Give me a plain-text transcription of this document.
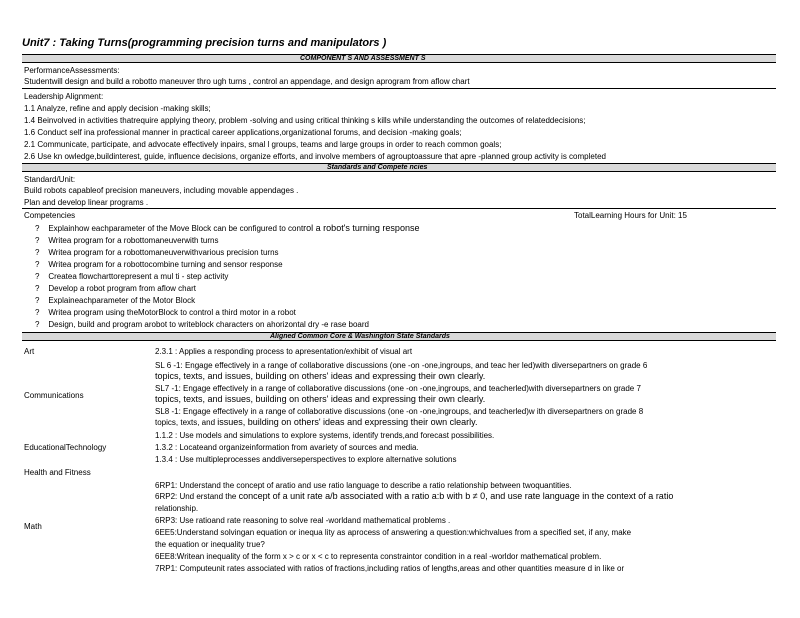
Unit7 : Taking Turns(programming precision turns and manipulators )
COMPONENT S AND ASSESSMENT S
PerformanceAssessments:
Studentwill design and build a robotto maneuver thro ugh turns , control an appendage, and design aprogram from aflow chart
Leadership Alignment:
1.1 Analyze, refine and apply decision -making skills;
1.4 Beinvolved in activities thatrequire applying theory, problem -solving and using critical thinking s kills while understanding the outcomes of relateddecisions;
1.6 Conduct self ina professional manner in practical career applications,organizational forums, and decision -making goals;
2.1 Communicate, participate, and advocate effectively inpairs, smal l groups, teams and large groups in order to reach common goals;
2.6 Use kn owledge,buildinterest, guide, influence decisions, organize efforts, and involve members of agrouptoassure that apre -planned group activity is completed
Standards and Compete ncies
Standard/Unit:
Build robots capableof precision maneuvers, including movable appendages .
Plan and develop linear programs .
Competencies	TotalLearning Hours for Unit: 15
? Explainhow eachparameter of the Move Block can be configured to control a robot's turning response
? Writea program for a robottomaneuverwith turns
? Writea program for a robottomaneuverwithvarious precision turns
? Writea program for a robottocombine turning and sensor response
? Createa flowcharttorepresent a mul ti - step activity
? Develop a robot program from aflow chart
? Explaineachparameter of the Motor Block
? Writea program using theMotorBlock to control a third motor in a robot
? Design, build and program arobot to writeblock characters on ahorizontal dry -e rase board
Aligned Common Core & Washington State Standards
Art
Communications
EducationalTechnology
Health and Fitness
Math
2.3.1 : Applies a responding process to apresentation/exhibit of visual art
SL 6 -1: Engage effectively in a range of collaborative discussions (one -on -one,ingroups, and teac her led)with diversepartners on grade 6
topics, texts, and issues, building on others' ideas and expressing their own clearly.
SL7 -1: Engage effectively in a range of collaborative discussions (one -on -one,ingroups, and teacherled)with diversepartners on grade 7
topics, texts, and issues, building on others' ideas and expressing their own clearly.
SL8 -1: Engage effectively in a range of collaborative discussions (one -on -one,ingroups, and teacherled)w ith diversepartners on grade 8
topics, texts, and issues, building on others' ideas and expressing their own clearly.
1.1.2 : Use models and simulations to explore systems, identify trends,and forecast possibilities.
1.3.2 : Locateand organizeinformation from avariety of sources and media.
1.3.4 : Use multipleprocesses anddiverseperspectives to explore alternative solutions
6RP1: Understand the concept of aratio and use ratio language to describe a ratio relationship between twoquantities.
6RP2: Und erstand the concept of a unit rate a/b associated with a ratio a:b with b ≠ 0, and use rate language in the context of a ratio
relationship.
6RP3: Use ratioand rate reasoning to solve real -worldand mathematical problems .
6EE5:Understand solvingan equation or inequa lity as aprocess of answering a question:whichvalues from a specified set, if any, make
the equation or inequality true?
6EE8:Writean inequality of the form x > c or x < c to representa constraintor condition in a real -worldor mathematical problem.
7RP1: Computeunit rates associated with ratios of fractions,including ratios of lengths,areas and other quantities measure d in like or
